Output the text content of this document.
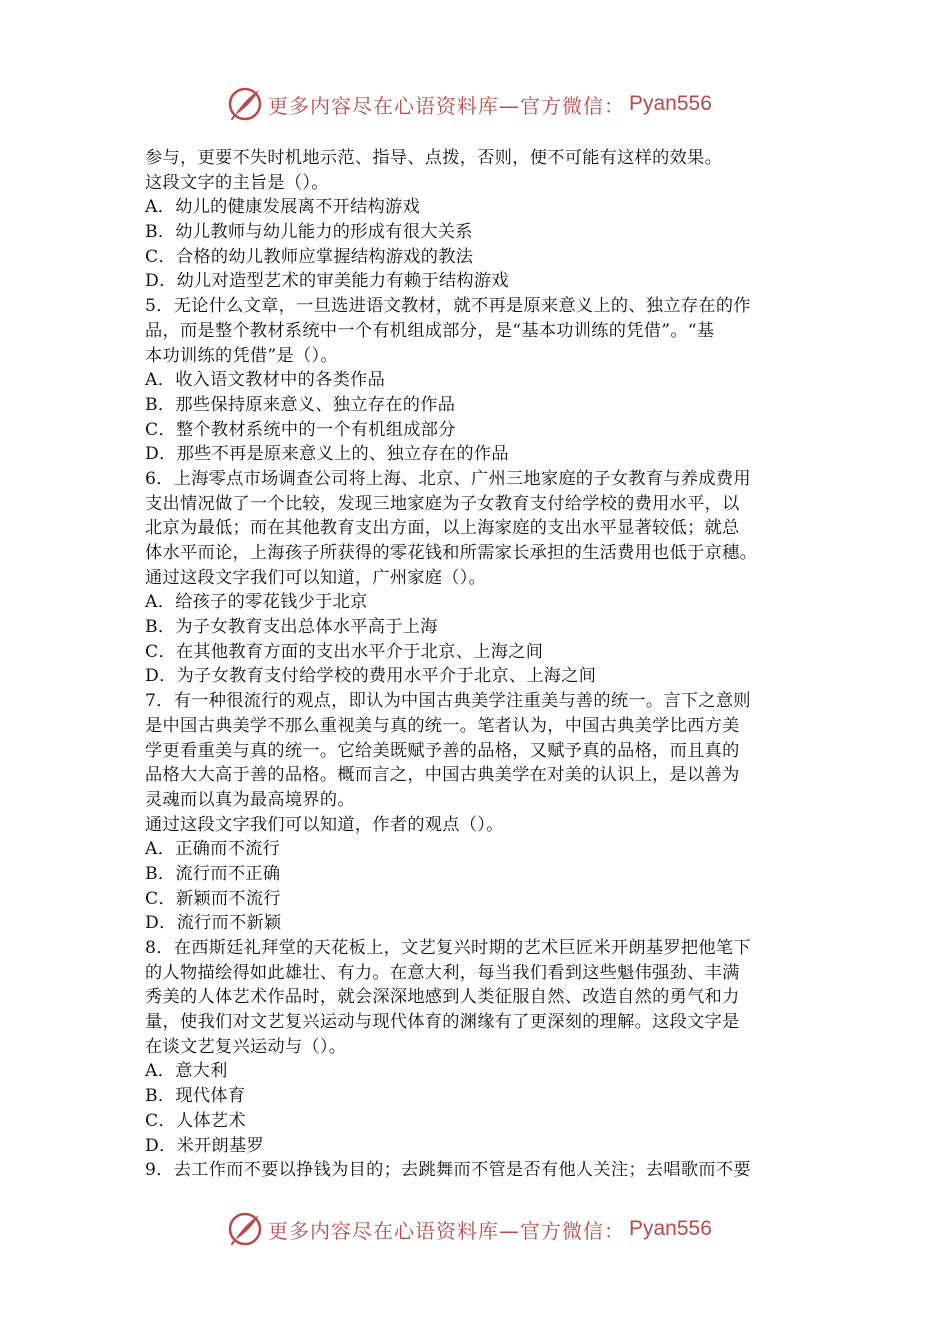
更多内容尽在心语资料库—官方微信： Pyan556
参与，更要不失时机地示范、指导、点拨，否则，便不可能有这样的效果。
这段文字的主旨是（）。
A．幼儿的健康发展离不开结构游戏
B．幼儿教师与幼儿能力的形成有很大关系
C．合格的幼儿教师应掌握结构游戏的教法
D．幼儿对造型艺术的审美能力有赖于结构游戏
5．无论什么文章，一旦选进语文教材，就不再是原来意义上的、独立存在的作
品，而是整个教材系统中一个有机组成部分，是“基本功训练的凭借”。“基
本功训练的凭借”是（）。
A．收入语文教材中的各类作品
B．那些保持原来意义、独立存在的作品
C．整个教材系统中的一个有机组成部分
D．那些不再是原来意义上的、独立存在的作品
6．上海零点市场调查公司将上海、北京、广州三地家庭的子女教育与养成费用
支出情况做了一个比较，发现三地家庭为子女教育支付给学校的费用水平，以
北京为最低；而在其他教育支出方面，以上海家庭的支出水平显著较低；就总
体水平而论，上海孩子所获得的零花钱和所需家长承担的生活费用也低于京穗。
通过这段文字我们可以知道，广州家庭（）。
A．给孩子的零花钱少于北京
B．为子女教育支出总体水平高于上海
C．在其他教育方面的支出水平介于北京、上海之间
D．为子女教育支付给学校的费用水平介于北京、上海之间
7．有一种很流行的观点，即认为中国古典美学注重美与善的统一。言下之意则
是中国古典美学不那么重视美与真的统一。笔者认为，中国古典美学比西方美
学更看重美与真的统一。它给美既赋予善的品格，又赋予真的品格，而且真的
品格大大高于善的品格。概而言之，中国古典美学在对美的认识上，是以善为
灵魂而以真为最高境界的。
通过这段文字我们可以知道，作者的观点（）。
A．正确而不流行
B．流行而不正确
C．新颖而不流行
D．流行而不新颖
8．在西斯廷礼拜堂的天花板上，文艺复兴时期的艺术巨匠米开朗基罗把他笔下
的人物描绘得如此雄壮、有力。在意大利，每当我们看到这些魁伟强劲、丰满
秀美的人体艺术作品时，就会深深地感到人类征服自然、改造自然的勇气和力
量，使我们对文艺复兴运动与现代体育的渊缘有了更深刻的理解。这段文字是
在谈文艺复兴运动与（）。
A．意大利
B．现代体育
C．人体艺术
D．米开朗基罗
9．去工作而不要以挣钱为目的；去跳舞而不管是否有他人关注；去唱歌而不要
更多内容尽在心语资料库—官方微信： Pyan556
